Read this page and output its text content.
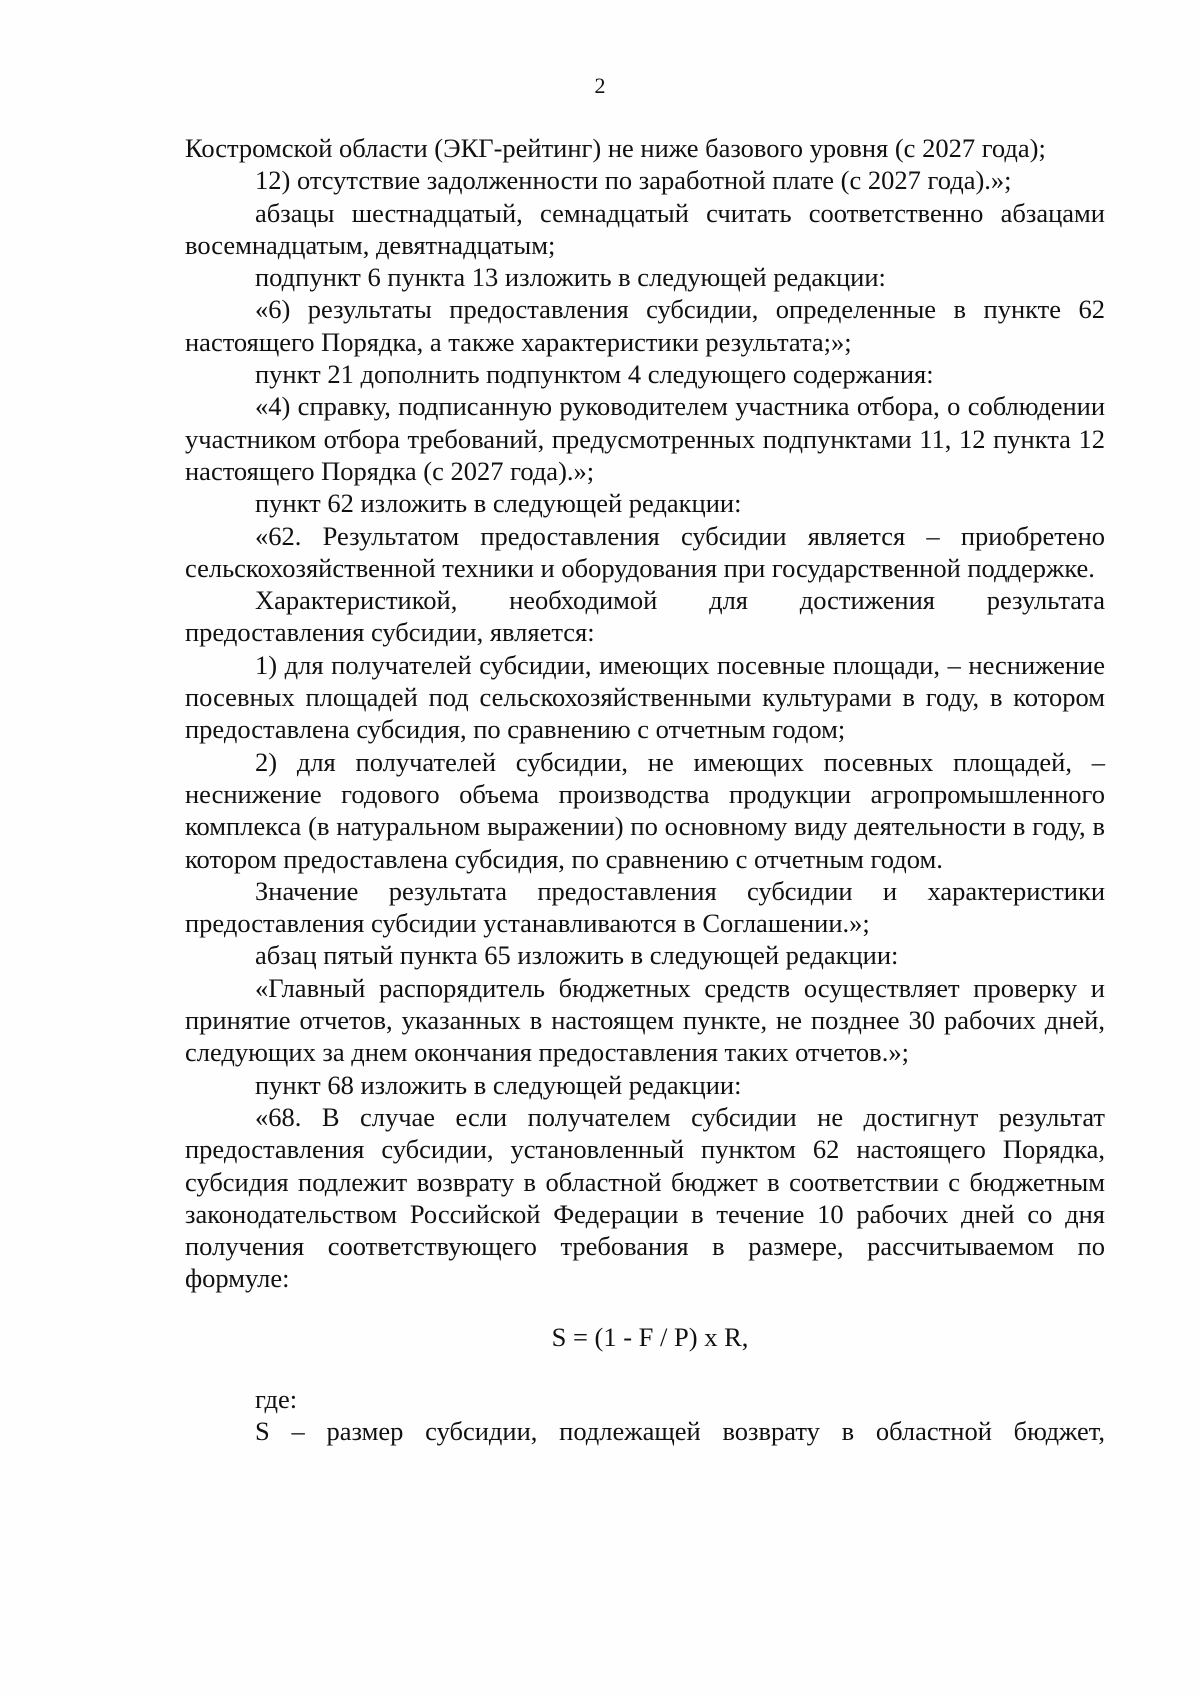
2

Костромской области (ЭКГ-рейтинг) не ниже базового уровня (с 2027 года);

12) отсутствие задолженности по заработной плате (с 2027 года).»;

абзацы шестнадцатый, семнадцатый считать соответственно абзацами восемнадцатым, девятнадцатым;

подпункт 6 пункта 13 изложить в следующей редакции:

«6) результаты предоставления субсидии, определенные в пункте 62 настоящего Порядка, а также характеристики результата;»;

пункт 21 дополнить подпунктом 4 следующего содержания:

«4) справку, подписанную руководителем участника отбора, о соблюдении участником отбора требований, предусмотренных подпунктами 11, 12 пункта 12 настоящего Порядка (с 2027 года).»;

пункт 62 изложить в следующей редакции:

«62. Результатом предоставления субсидии является – приобретено сельскохозяйственной техники и оборудования при государственной поддержке.

Характеристикой, необходимой для достижения результата предоставления субсидии, является:

1) для получателей субсидии, имеющих посевные площади, – неснижение посевных площадей под сельскохозяйственными культурами в году, в котором предоставлена субсидия, по сравнению с отчетным годом;

2) для получателей субсидии, не имеющих посевных площадей, – неснижение годового объема производства продукции агропромышленного комплекса (в натуральном выражении) по основному виду деятельности в году, в котором предоставлена субсидия, по сравнению с отчетным годом.

Значение результата предоставления субсидии и характеристики предоставления субсидии устанавливаются в Соглашении.»;

абзац пятый пункта 65 изложить в следующей редакции:

«Главный распорядитель бюджетных средств осуществляет проверку и принятие отчетов, указанных в настоящем пункте, не позднее 30 рабочих дней, следующих за днем окончания предоставления таких отчетов.»;

пункт 68 изложить в следующей редакции:

«68. В случае если получателем субсидии не достигнут результат предоставления субсидии, установленный пунктом 62 настоящего Порядка, субсидия подлежит возврату в областной бюджет в соответствии с бюджетным законодательством Российской Федерации в течение 10 рабочих дней со дня получения соответствующего требования в размере, рассчитываемом по формуле:

S = (1 - F / P) x R,

где:

S – размер субсидии, подлежащей возврату в областной бюджет,
